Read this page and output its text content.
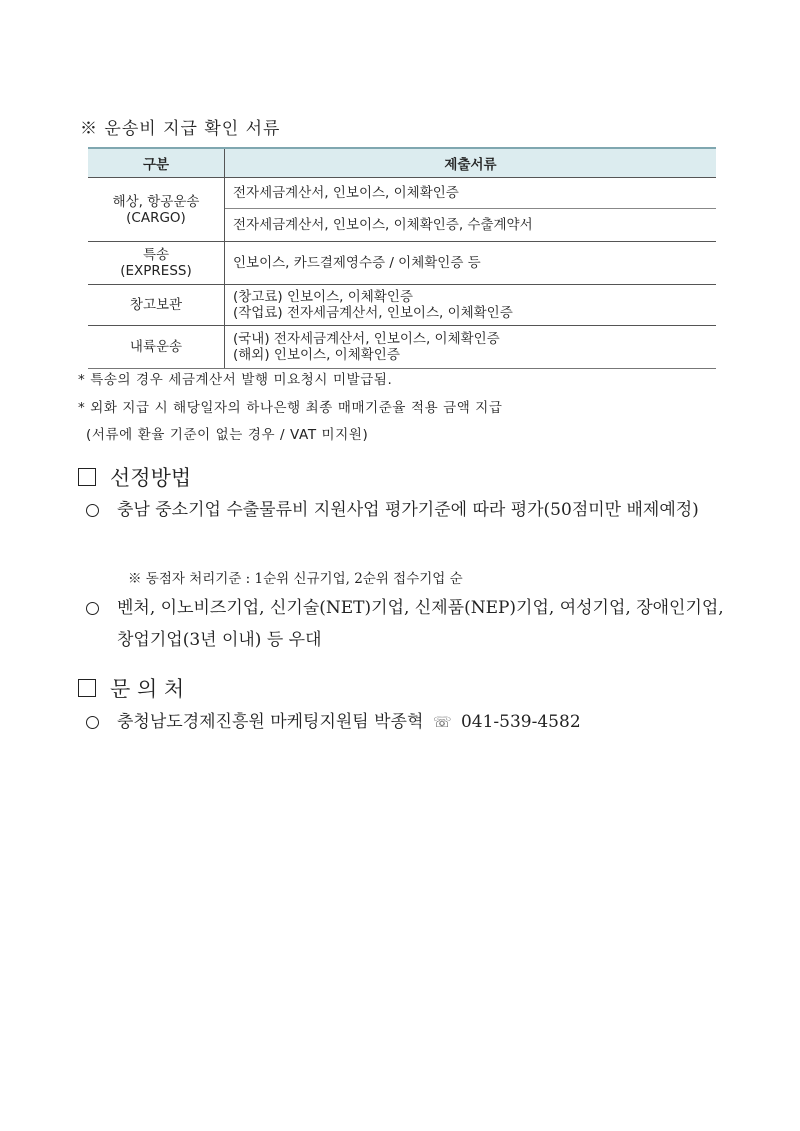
※ 운송비 지급 확인 서류
구분	제출서류

해상, 항공운송
(CARGO)	전자세금계산서, 인보이스, 이체확인증
	전자세금계산서, 인보이스, 이체확인증, 수출계약서

특송
(EXPRESS)	인보이스, 카드결제영수증 / 이체확인증 등
창고보관	(창고료) 인보이스, 이체확인증
(작업료) 전자세금계산서, 인보이스, 이체확인증

내륙운송	(국내) 전자세금계산서, 인보이스, 이체확인증
(해외) 인보이스, 이체확인증
* 특송의 경우 세금계산서 발행 미요청시 미발급됨.
* 외화 지급 시 해당일자의 하나은행 최종 매매기준율 적용 금액 지급
(서류에 환율 기준이 없는 경우 / VAT 미지원)
선정방법
충남 중소기업 수출물류비 지원사업 평가기준에 따라 평가(50점미만 배제예정)
※ 동점자 처리기준 : 1순위 신규기업, 2순위 접수기업 순
벤처, 이노비즈기업, 신기술(NET)기업, 신제품(NEP)기업, 여성기업, 장애인기업, 창업기업(3년 이내) 등 우대
문 의 처
충청남도경제진흥원 마케팅지원팀 박종혁 ☏ 041-539-4582
